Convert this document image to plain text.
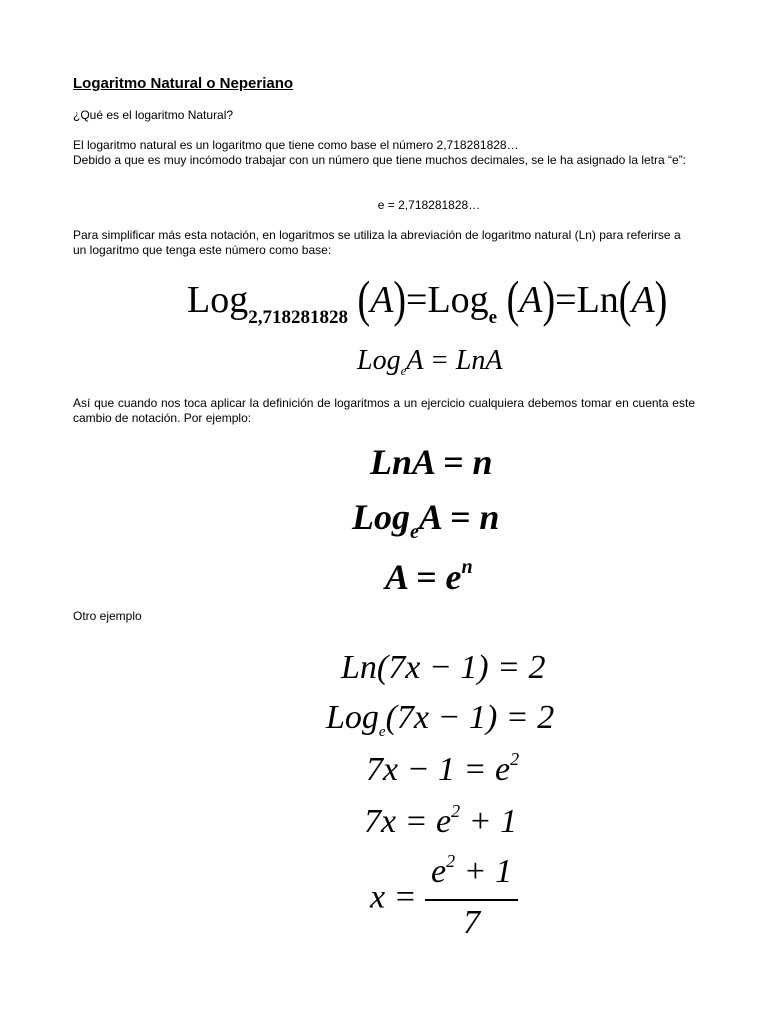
Logaritmo Natural o Neperiano
¿Qué es el logaritmo Natural?
El logaritmo natural es un logaritmo que tiene como base el número 2,718281828…
Debido a que es muy incómodo trabajar con un número que tiene muchos decimales, se le ha asignado la letra “e”:
e = 2,718281828…
Para simplificar más esta notación, en logaritmos se utiliza la abreviación de logaritmo natural (Ln) para referirse a un logaritmo que tenga este número como base:
Log$_{2,718281828}$ (A)=Log$_e$ (A)=Ln(A)
Log$_e$A = LnA
Así que cuando nos toca aplicar la definición de logaritmos a un ejercicio cualquiera debemos tomar en cuenta este cambio de notación. Por ejemplo:
LnA = n
Log$_e$A = n
$A = e^n$
Otro ejemplo
Ln(7x − 1) = 2
Log$_e$(7x − 1) = 2
$7x - 1 = e^2$
$7x = e^2 + 1$
$x = \frac{e^2 + 1}{7}$
